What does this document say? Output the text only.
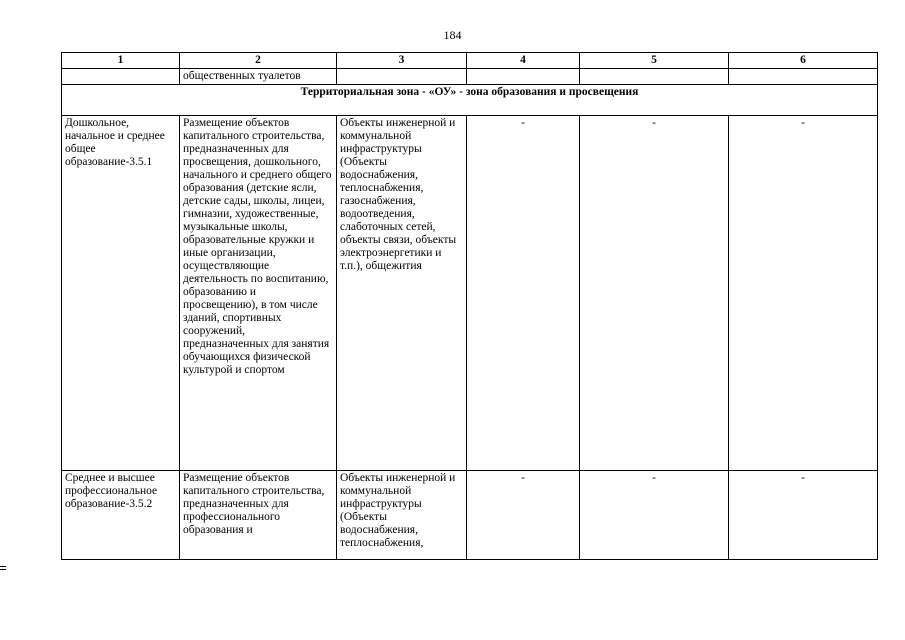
184
1	2	3	4	5	6
	общественных туалетов				
Территориальная зона - «ОУ» - зона образования и просвещения					
Дошкольное, начальное и среднее общее образование-3.5.1	Размещение объектов капитального строительства, предназначенных для просвещения, дошкольного, начального и среднего общего образования (детские ясли, детские сады, школы, лицеи, гимназии, художественные, музыкальные школы, образовательные кружки и иные организации, осуществляющие деятельность по воспитанию, образованию и просвещению), в том числе зданий, спортивных сооружений, предназначенных для занятия обучающихся физической культурой и спортом	Объекты инженерной и коммунальной инфраструктуры (Объекты водоснабжения, теплоснабжения, газоснабжения, водоотведения, слаботочных сетей, объекты связи, объекты электроэнергетики и т.п.), общежития	-	-	-
Среднее и высшее профессиональное образование-3.5.2	Размещение объектов капитального строительства, предназначенных для профессионального образования и	Объекты инженерной и коммунальной инфраструктуры (Объекты водоснабжения, теплоснабжения,	-	-	-
